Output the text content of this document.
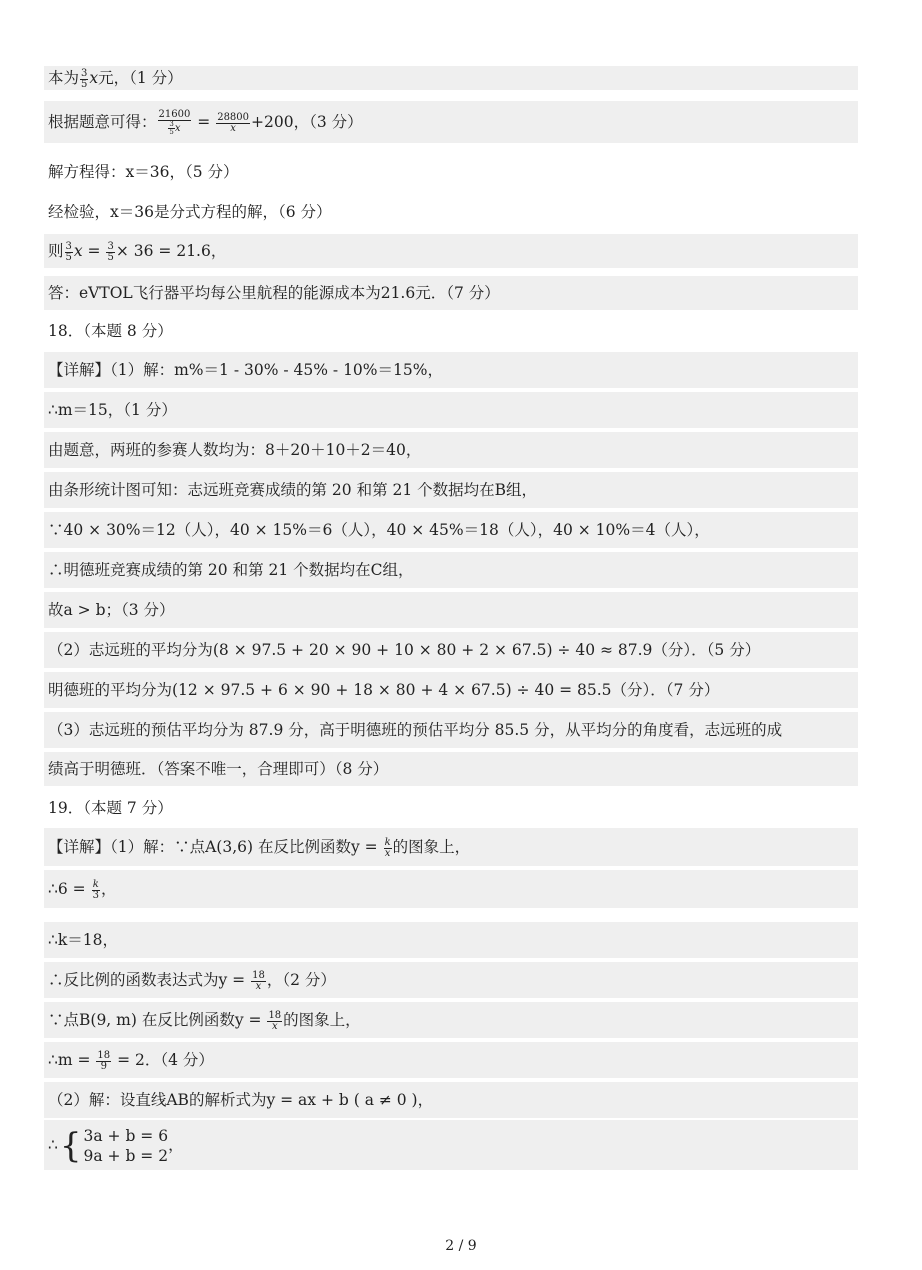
本为 $\frac{3}{5}$ x元，（1 分）
根据题意可得： $\frac{21600}{\frac{3}{5} x} = \frac{28800}{x} +200$，（3 分）
解方程得：x＝36，（5 分）
经检验，x＝36是分式方程的解，（6 分）
则 $\frac{3}{5}$ $x = \frac{3}{5} \times 36 = 21.6$，
答：eVTOL飞行器平均每公里航程的能源成本为21.6元．（7 分）
18．（本题 8 分）
【详解】（1）解：m%＝1 - 30% - 45% - 10%＝15%，
∴m＝15，（1 分）
由题意，两班的参赛人数均为：8＋20＋10＋2＝40，
由条形统计图可知：志远班竞赛成绩的第 20 和第 21 个数据均在B组，
∵40 × 30%＝12（人），40 × 15%＝6（人），40 × 45%＝18（人），40 × 10%＝4（人），
∴明德班竞赛成绩的第 20 和第 21 个数据均在C组，
故a > b；（3 分）
（2）志远班的平均分为(8 × 97.5 + 20 × 90 + 10 × 80 + 2 × 67.5) ÷ 40 ≈ 87.9（分）．（5 分）
明德班的平均分为(12 × 97.5 + 6 × 90 + 18 × 80 + 4 × 67.5) ÷ 40 = 85.5（分）．（7 分）
（3）志远班的预估平均分为 87.9 分，高于明德班的预估平均分 85.5 分，从平均分的角度看，志远班的成
绩高于明德班．（答案不唯一，合理即可）（8 分）
19．（本题 7 分）
【详解】（1）解：∵点A(3,6) 在反比例函数$y = \frac{k}{x}$ 的图象上，
∴6 = $\frac{k}{3}$ ，
∴k＝18，
∴反比例的函数表达式为$y = \frac{18}{x}$ ，（2 分）
∵点B(9, m) 在反比例函数$y = \frac{18}{x}$ 的图象上，
∴m = $\frac{18}{9} = 2$．（4 分）
（2）解：设直线AB的解析式为y = ax + b ( a ≠ 0 )，
∴{ 3a + b = 6
9a + b = 2
，
2 / 9
